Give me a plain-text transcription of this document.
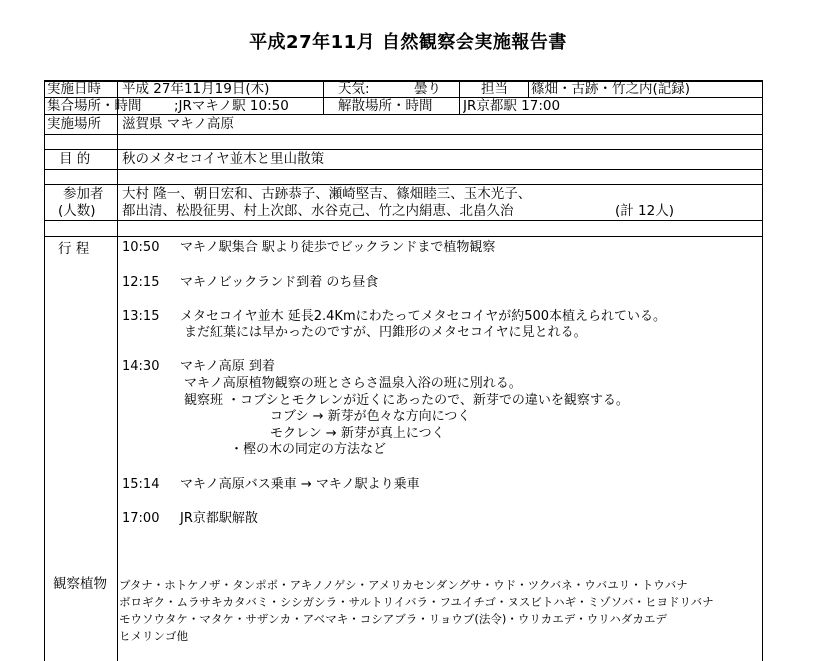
平成27年11月 自然観察会実施報告書
実施日時	平成 27年11月19日(木)	天気:	曇り	担当 篠畑・古跡・竹之内(記録)
集合場所・時間 ;JRマキノ駅 10:50	解散場所・時間 JR京都駅 17:00
実施場所	滋賀県 マキノ高原
目 的 秋のメタセコイヤ並木と里山散策
参加者
(人数)
大村 隆一、朝日宏和、古跡恭子、瀬崎堅吉、篠畑睦三、玉木光子、
都出清、松股征男、村上次郎、水谷克己、竹之内絹恵、北畠久治	(計 12人)
行 程	10:50	マキノ駅集合 駅より徒歩でビックランドまで植物観察
12:15	マキノビックランド到着 のち昼食
13:15	メタセコイヤ並木 延長2.4Kmにわたってメタセコイヤが約500本植えられている。
まだ紅葉には早かったのですが、円錐形のメタセコイヤに見とれる。
14:30	マキノ高原 到着
マキノ高原植物観察の班とさらさ温泉入浴の班に別れる。
観察班 ・コブシとモクレンが近くにあったので、新芽での違いを観察する。
コブシ → 新芽が色々な方向につく
モクレン → 新芽が真上につく
・樫の木の同定の方法など
15:14	マキノ高原バス乗車 → マキノ駅より乗車
17:00	JR京都駅解散
観察植物 ブタナ・ホトケノザ・タンポポ・アキノノゲシ・アメリカセンダングサ・ウド・ツクバネ・ウバユリ・トウバナ
ボロギク・ムラサキカタバミ・シシガシラ・サルトリイバラ・フユイチゴ・ヌスビトハギ・ミゾソバ・ヒヨドリバナ
モウソウタケ・マタケ・サザンカ・アベマキ・コシアブラ・リョウブ(法令)・ウリカエデ・ウリハダカエデ
ヒメリンゴ他
